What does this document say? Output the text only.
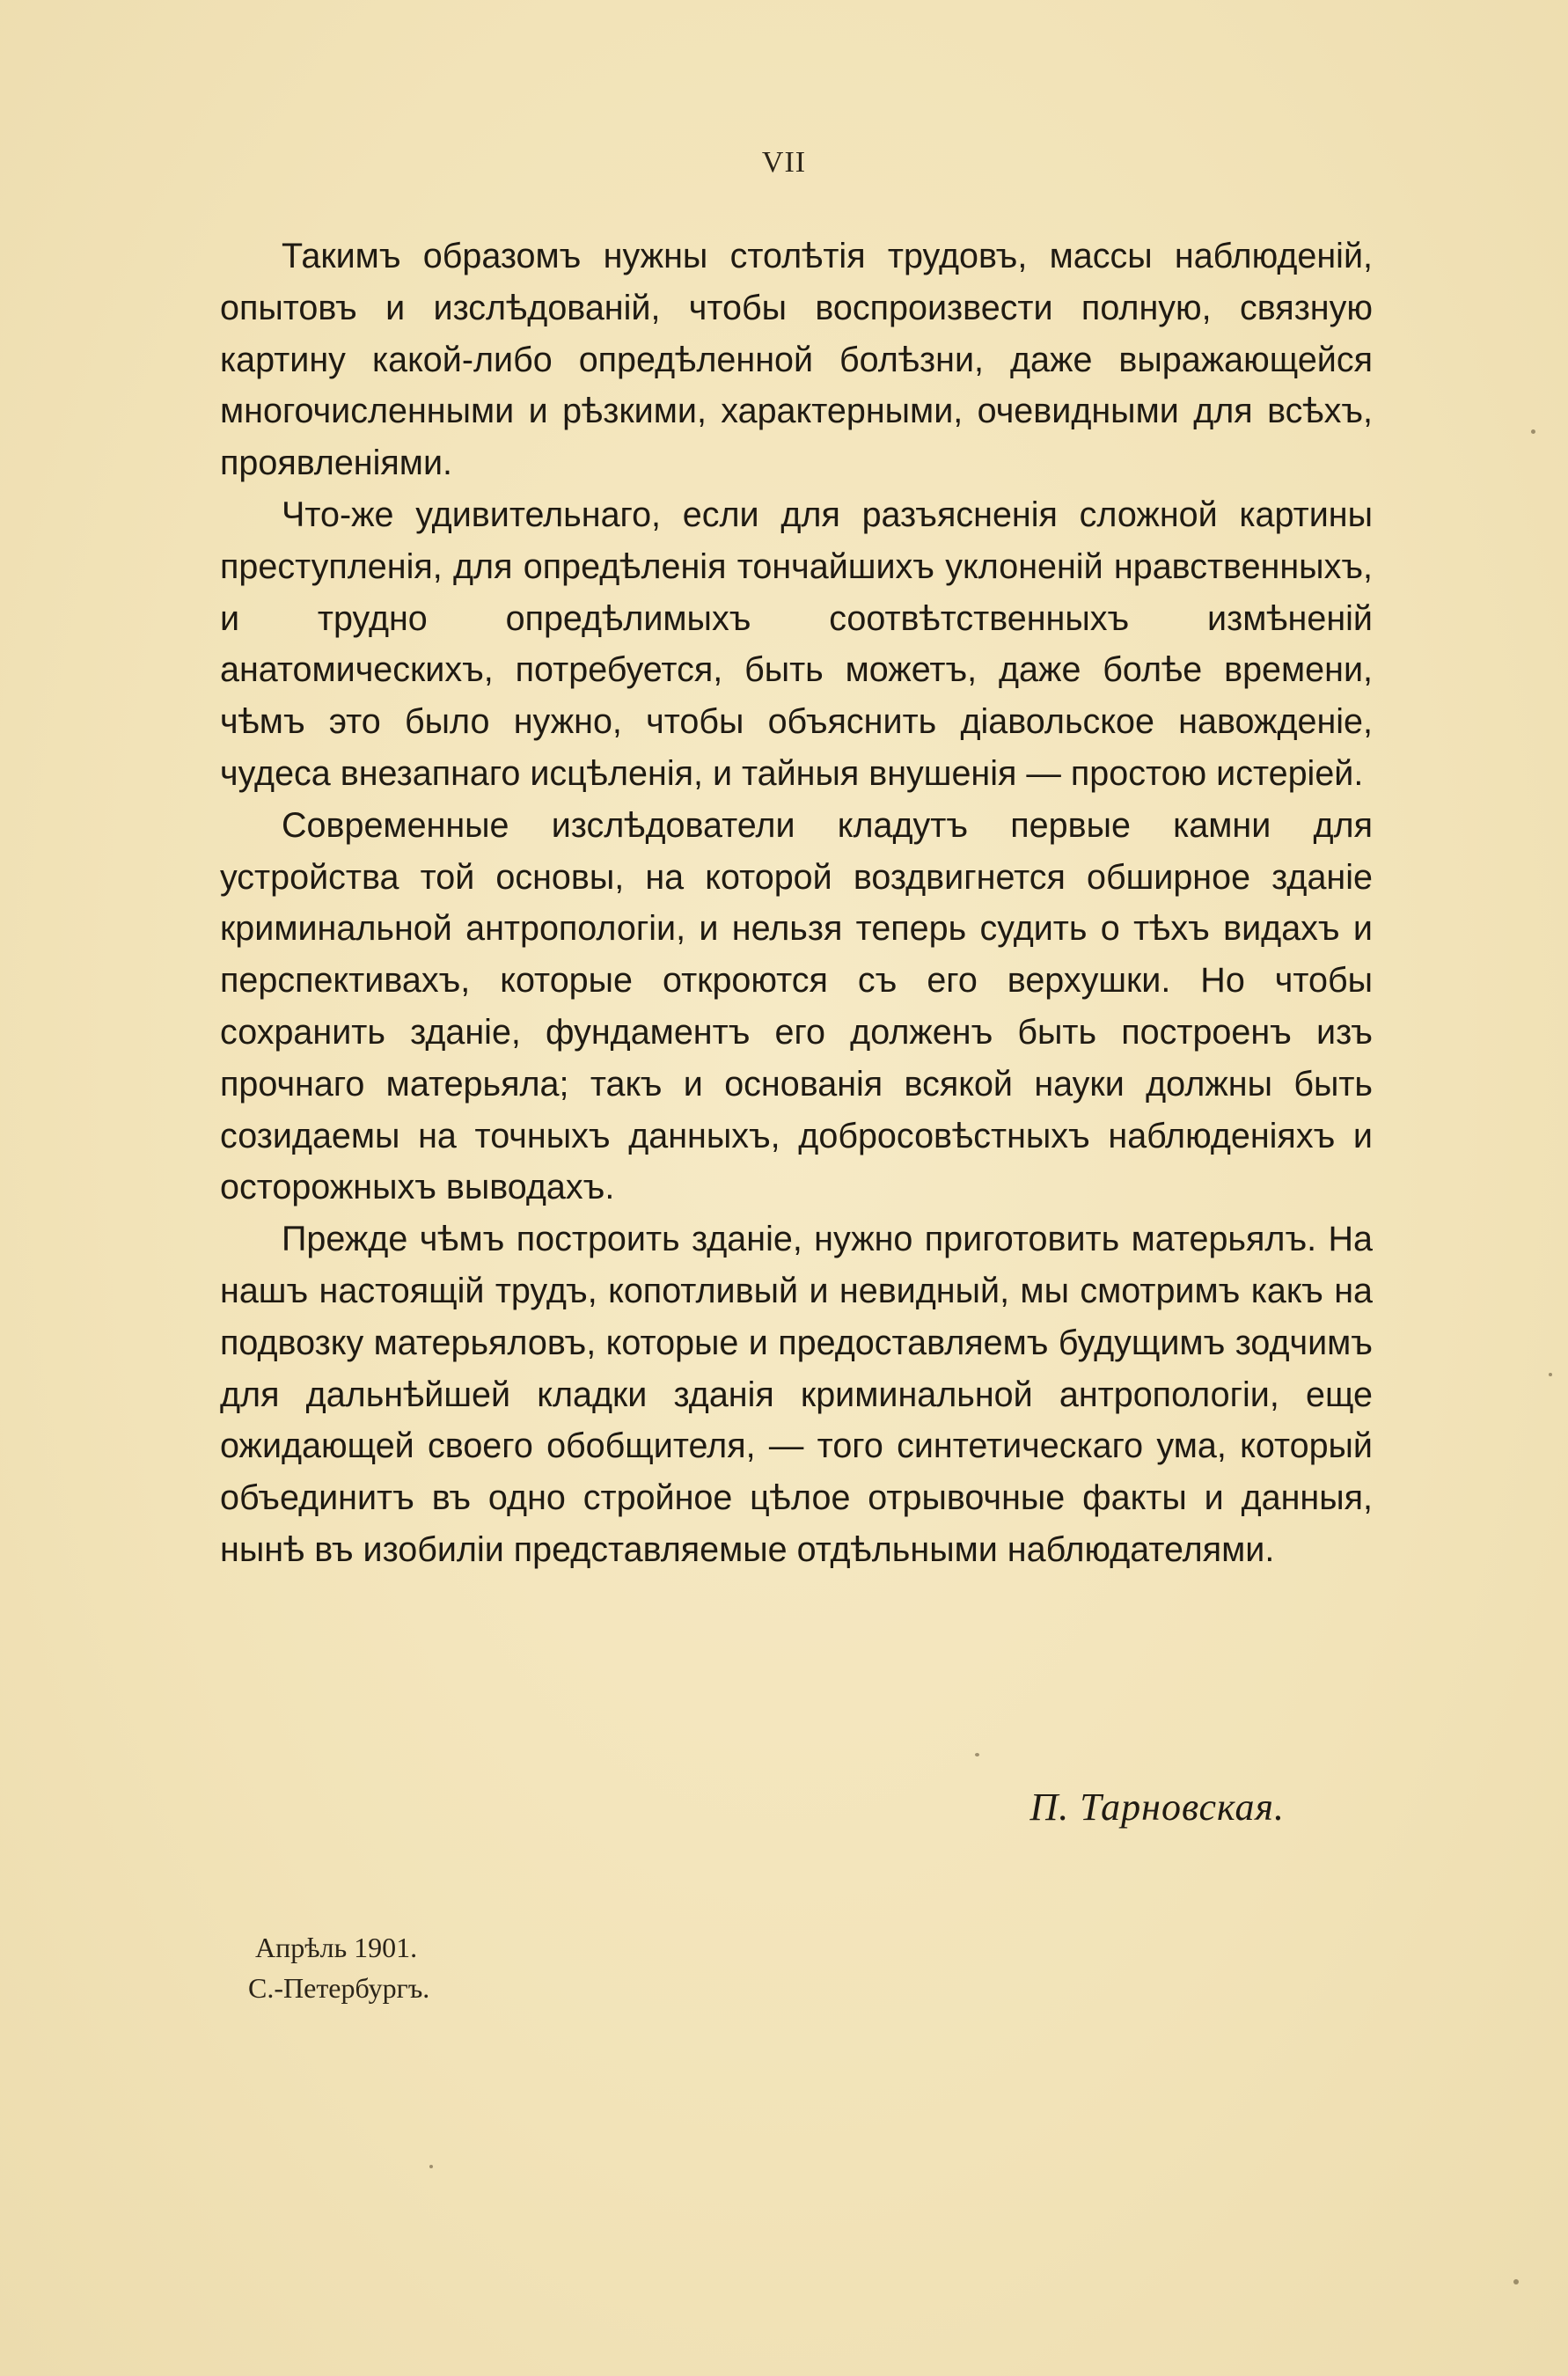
VII

Такимъ образомъ нужны столѣтія трудовъ, массы наблюденій, опытовъ и изслѣдованій, чтобы воспроизвести полную, связную картину какой-либо опредѣленной болѣзни, даже выражающейся многочисленными и рѣзкими, характерными, очевидными для всѣхъ, проявленіями.

Что-же удивительнаго, если для разъясненія сложной картины преступленія, для опредѣленія тончайшихъ уклоненій нравственныхъ, и трудно опредѣлимыхъ соотвѣтственныхъ измѣненій анатомическихъ, потребуется, быть можетъ, даже болѣе времени, чѣмъ это было нужно, чтобы объяснить діавольское навожденіе, чудеса внезапнаго исцѣленія, и тайныя внушенія — простою истеріей.

Современные изслѣдователи кладутъ первые камни для устройства той основы, на которой воздвигнется обширное зданіе криминальной антропологіи, и нельзя теперь судить о тѣхъ видахъ и перспективахъ, которые откроются съ его верхушки. Но чтобы сохранить зданіе, фундаментъ его долженъ быть построенъ изъ прочнаго матерьяла; такъ и основанія всякой науки должны быть созидаемы на точныхъ данныхъ, добросовѣстныхъ наблюденіяхъ и осторожныхъ выводахъ.

Прежде чѣмъ построить зданіе, нужно приготовить матерьялъ. На нашъ настоящій трудъ, копотливый и невидный, мы смотримъ какъ на подвозку матерьяловъ, которые и предоставляемъ будущимъ зодчимъ для дальнѣйшей кладки зданія криминальной антропологіи, еще ожидающей своего обобщителя, — того синтетическаго ума, который объединитъ въ одно стройное цѣлое отрывочные факты и данныя, нынѣ въ изобиліи представляемые отдѣльными наблюдателями.

П. Тарновская.
Апрѣль 1901.
С.-Петербургъ.
